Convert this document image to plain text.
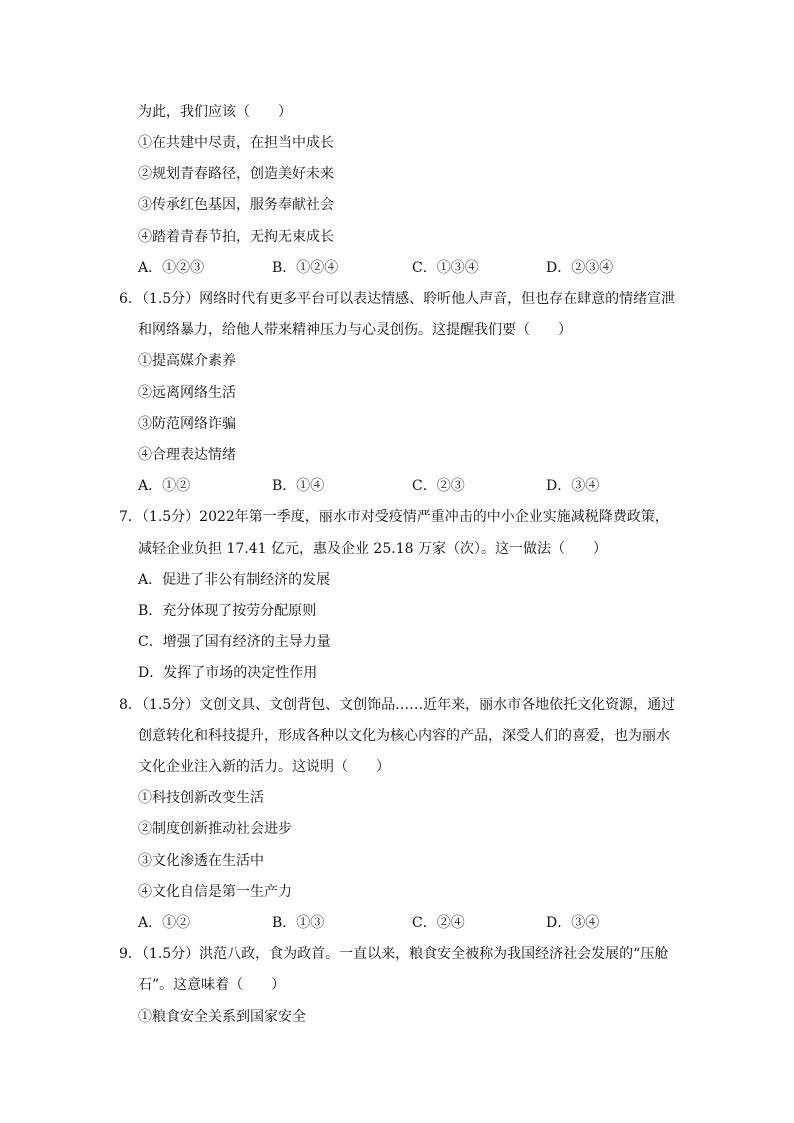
为此，我们应该（　　）
①在共建中尽责，在担当中成长
②规划青春路径，创造美好未来
③传承红色基因，服务奉献社会
④踏着青春节拍，无拘无束成长
A．①②③	B．①②④	C．①③④	D．②③④
6．（1.5分）网络时代有更多平台可以表达情感、聆听他人声音，但也存在肆意的情绪宣泄
和网络暴力，给他人带来精神压力与心灵创伤。这提醒我们要（　　）
①提高媒介素养
②远离网络生活
③防范网络诈骗
④合理表达情绪
A．①②	B．①④	C．②③	D．③④
7．（1.5分）2022年第一季度，丽水市对受疫情严重冲击的中小企业实施减税降费政策，
减轻企业负担 17.41 亿元，惠及企业 25.18 万家（次）。这一做法（　　）
A．促进了非公有制经济的发展
B．充分体现了按劳分配原则
C．增强了国有经济的主导力量
D．发挥了市场的决定性作用
8．（1.5分）文创文具、文创背包、文创饰品……近年来，丽水市各地依托文化资源，通过
创意转化和科技提升，形成各种以文化为核心内容的产品，深受人们的喜爱，也为丽水
文化企业注入新的活力。这说明（　　）
①科技创新改变生活
②制度创新推动社会进步
③文化渗透在生活中
④文化自信是第一生产力
A．①②	B．①③	C．②④	D．③④
9．（1.5分）洪范八政，食为政首。一直以来，粮食安全被称为我国经济社会发展的“压舱
石”。这意味着（　　）
①粮食安全关系到国家安全
